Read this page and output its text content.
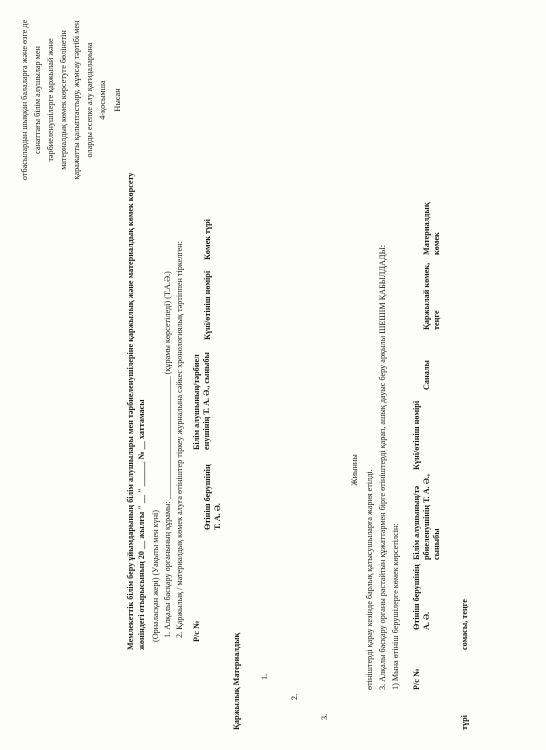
отбасылардан шыққан балаларға және өзге де санаттағы білім алушылар мен тәрбиеленушілерге қаржылай және материалдық көмек көрсетуге бөлінетін қаражатты қалыптастыру, жұмсау тәртібі мен оларды есепке алу қағидаларына 4-қосымша Нысан
Мемлекеттік білім беру ұйымдарының білім алушылары мен тәрбиеленушілеріне қаржылық және материалдық көмек көрсету жөніндегі отырысының 20 __ жылғы " __ " ______ № __ хаттамасы (Орналасқан жері) (Уақыты мен күні) 1. Алқалы басқару органының құрамы: ______________________________ (құрамы көрсетіледі) (Т.А.Ә.) 2. Қаржылық / материалдық көмек алуға өтініштер тіркеу журналына сәйкес хронологиялық тәртіппен тіркелген: Р/с №
Өтініш берушінің Т. А. Ә.
Білім алушының/тәрбиел енушінің Т. А. Ә., сыныбы
Күні/өтініш нөмірі
Көмек түрі
Қаржылық Материалдық 1.
2.
3.
Жиынны өтініштерді қарау кезінде барлық қатысушыларға жария етілді. 3. Алқалы басқару органы растайтын құжаттармен бірге өтініштерді қарап, ашық дауыс беру арқылы ШЕШІМ ҚАБЫЛДАДЫ: 1) Мына өтініш берушілерге көмек көрсетілсін: Р/с №
Өтініш берушінің А. Ә.
Білім алушының/тә рбиеленушінің Т. А. Ә., сыныбы
Күні/өтініш нөмірі
Саналы
Қаржылай көмек, теңге
Материалдық көмек
түрі
сомасы, теңге
